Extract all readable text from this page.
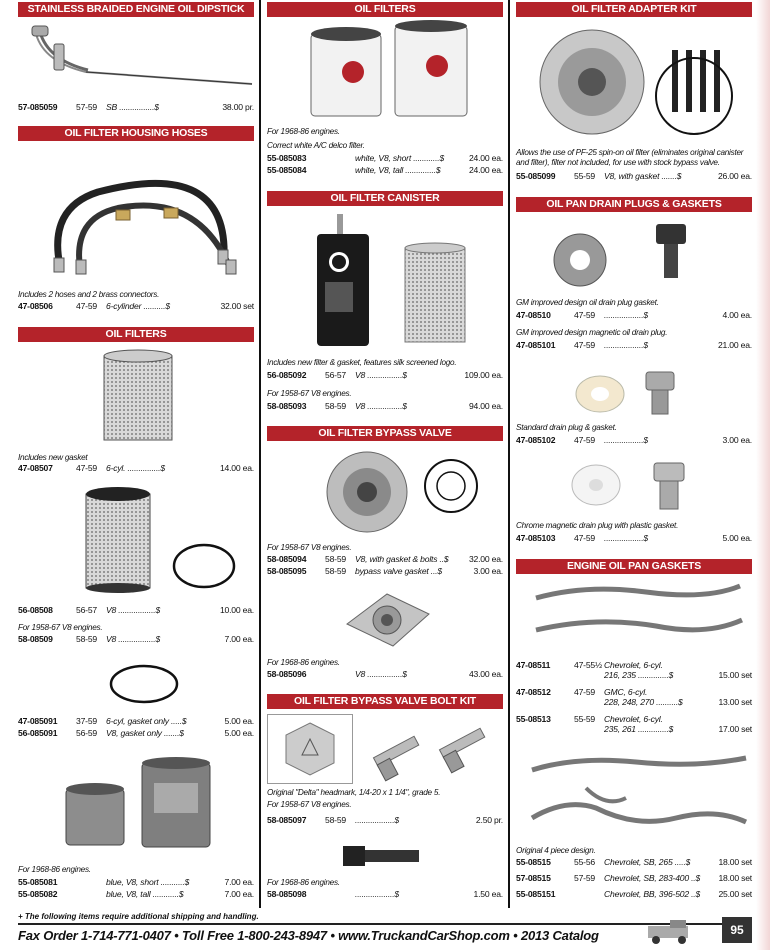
STAINLESS BRAIDED ENGINE OIL DIPSTICK AND TUBE
57-085059 57-59 SB ................$	38.00 pr.
OIL FILTER HOUSING HOSES
Includes 2 hoses and 2 brass connectors.
47-08506	47-59 6-cylinder ..........$	32.00 set
OIL FILTERS
Includes new gasket
47-08507	47-59 6-cyl. ...............$	14.00 ea.
56-08508	56-57 V8 .................$	10.00 ea.
For 1958-67 V8 engines.
58-08509	58-59 V8 .................$	7.00 ea.
47-085091 37-59 6-cyl, gasket only .....$	5.00 ea.
56-085091 56-59 V8, gasket only .......$	5.00 ea.
For 1968-86 engines.
55-085081	blue, V8, short ...........$	7.00 ea.
55-085082	blue, V8, tall ............$	7.00 ea.
OIL FILTERS
For 1968-86 engines.
Correct white A/C delco filter.
55-085083	white, V8, short ............$	24.00 ea.
55-085084	white, V8, tall ..............$	24.00 ea.
OIL FILTER CANISTER
Includes new filter & gasket, features silk screened logo.
56-085092 56-57 V8 ................$	109.00 ea.
For 1958-67 V8 engines.
58-085093 58-59 V8 ................$	94.00 ea.
OIL FILTER BYPASS VALVE
For 1958-67 V8 engines.
58-085094 58-59 V8, with gasket & bolts ..$ 32.00 ea.
58-085095 58-59 bypass valve gasket ...$	3.00 ea.
For 1968-86 engines.
58-085096	V8 ................$	43.00 ea.
OIL FILTER BYPASS VALVE BOLT KIT
Original "Delta" headmark, 1/4-20 x 1 1/4", grade 5.
For 1958-67 V8 engines.
58-085097 58-59 ..................$	2.50 pr.
For 1968-86 engines.
58-085098	..................$	1.50 ea.
OIL FILTER ADAPTER KIT
Allows the use of PF-25 spin-on oil filter (eliminates original canister and filter), filter not included, for use with stock bypass valve.
55-085099 55-59 V8, with gasket .......$	26.00 ea.
OIL PAN DRAIN PLUGS & GASKETS
GM improved design oil drain plug gasket.
47-08510	47-59 ..................$	4.00 ea.
GM improved design magnetic oil drain plug.
47-085101 47-59 ..................$	21.00 ea.
Standard drain plug & gasket.
47-085102 47-59 ..................$	3.00 ea.
Chrome magnetic drain plug with plastic gasket.
47-085103 47-59 ..................$	5.00 ea.
ENGINE OIL PAN GASKETS
47-08511	47-55½ Chevrolet, 6-cyl.
216, 235 ..............$	15.00 set
47-08512	47-59 GMC, 6-cyl.
228, 248, 270 ..........$	13.00 set
55-08513	55-59 Chevrolet, 6-cyl.
235, 261 ..............$	17.00 set
Original 4 piece design.
55-08515	55-56 Chevrolet, SB, 265 .....$	18.00 set
57-08515	57-59 Chevrolet, SB, 283-400 ..$ 18.00 set
55-085151	Chevrolet, BB, 396-502 ..$ 25.00 set
+ The following items require additional shipping and handling.
Fax Order 1-714-771-0407 • Toll Free 1-800-243-8947 • www.TruckandCarShop.com • 2013 Catalog	95
